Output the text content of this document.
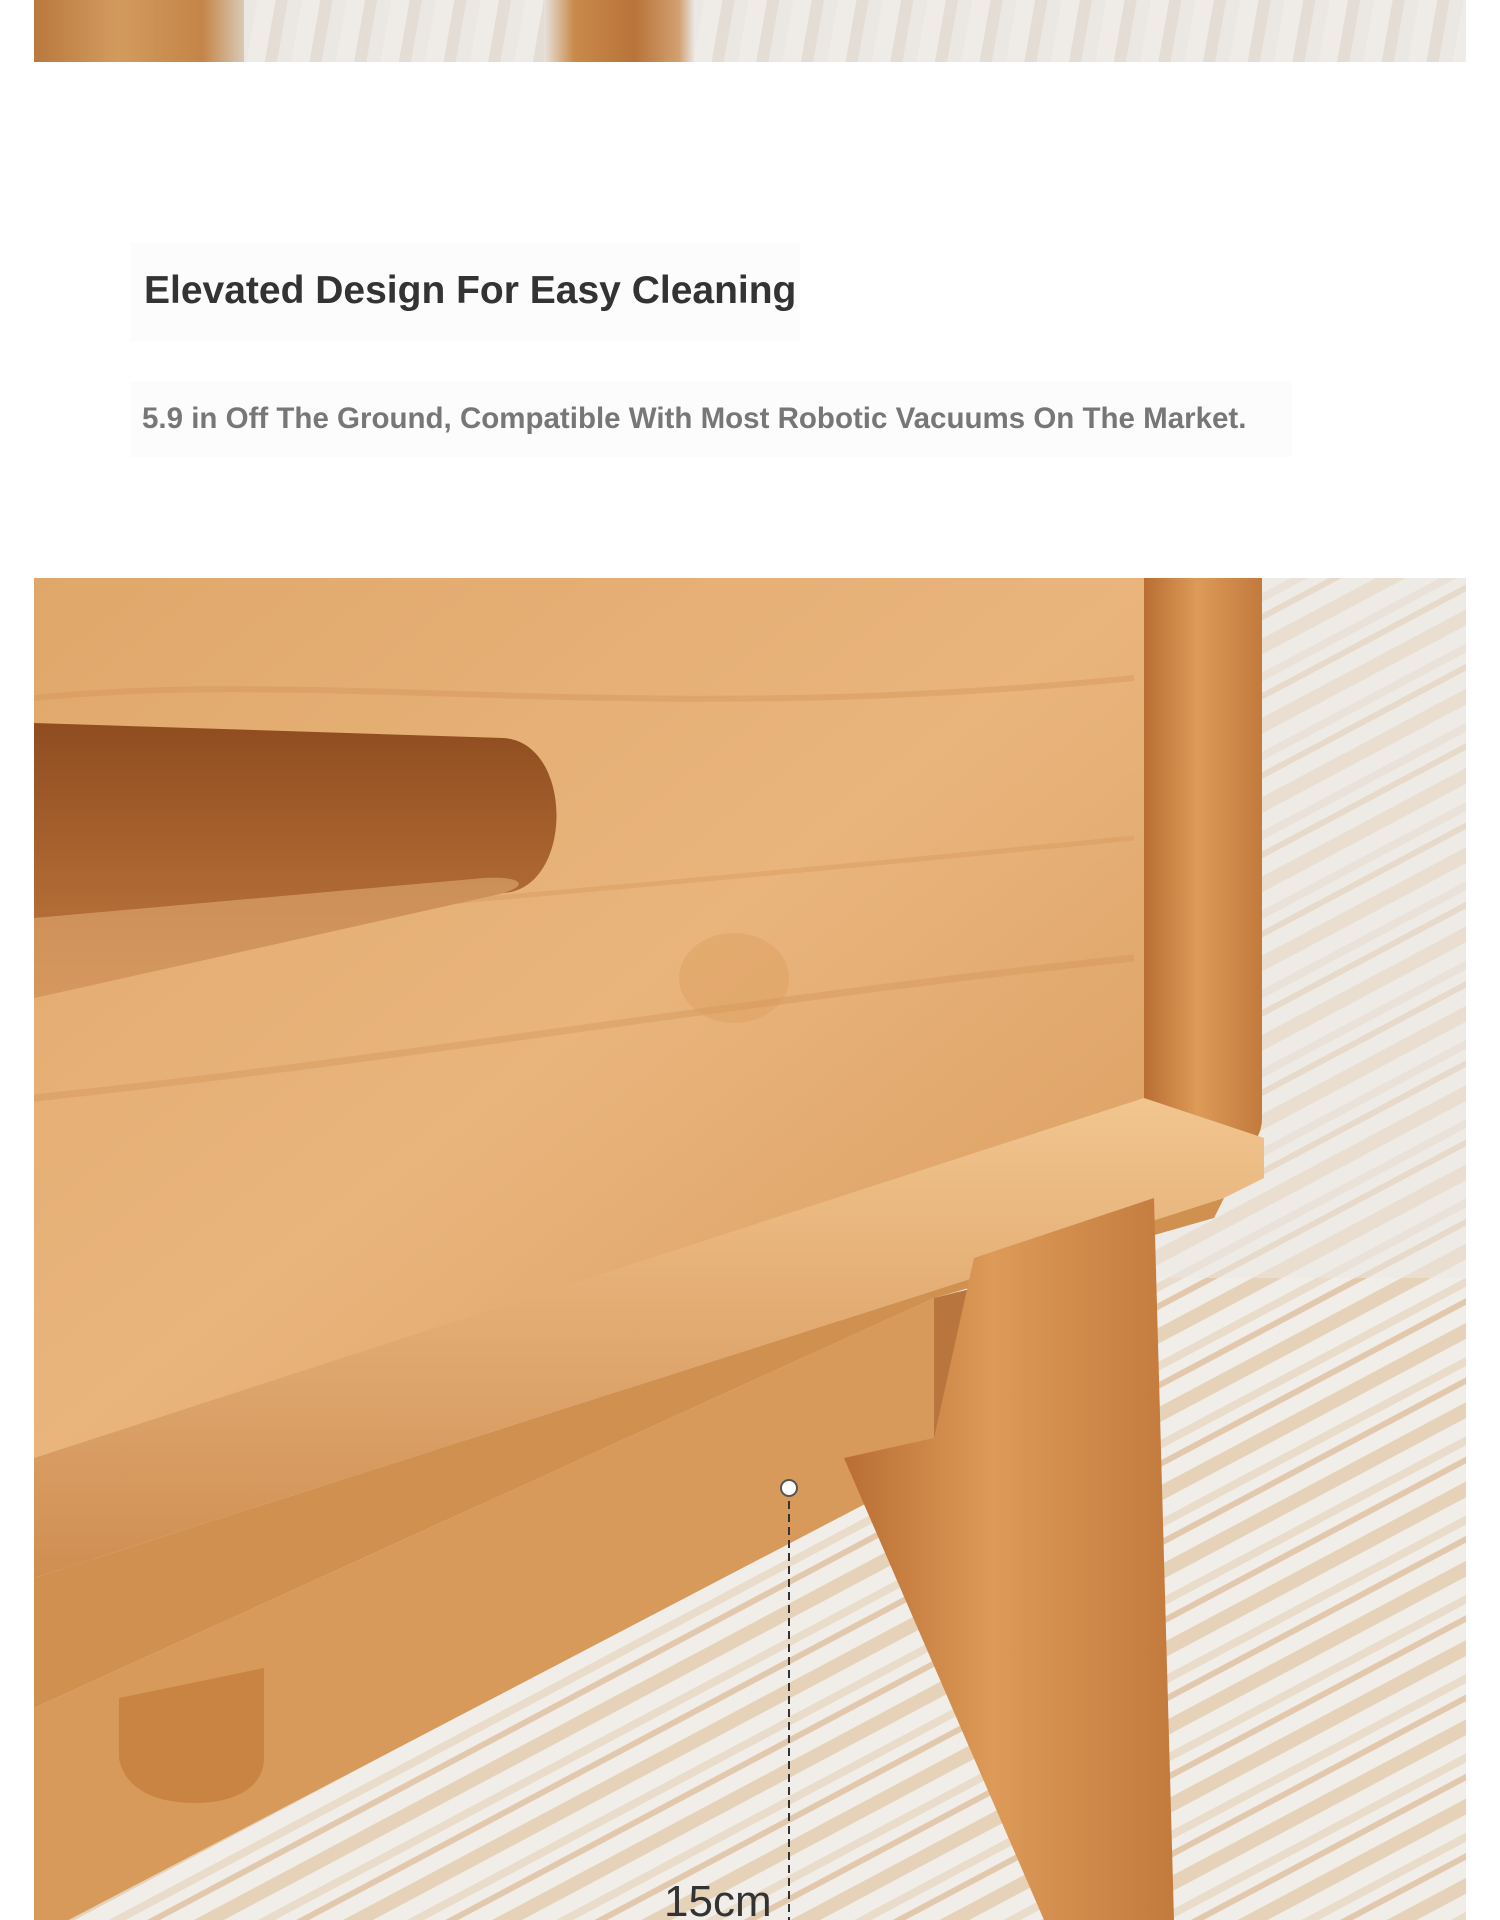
Elevated Design For Easy Cleaning
5.9 in Off The Ground, Compatible With Most Robotic Vacuums On The Market.
15cm
